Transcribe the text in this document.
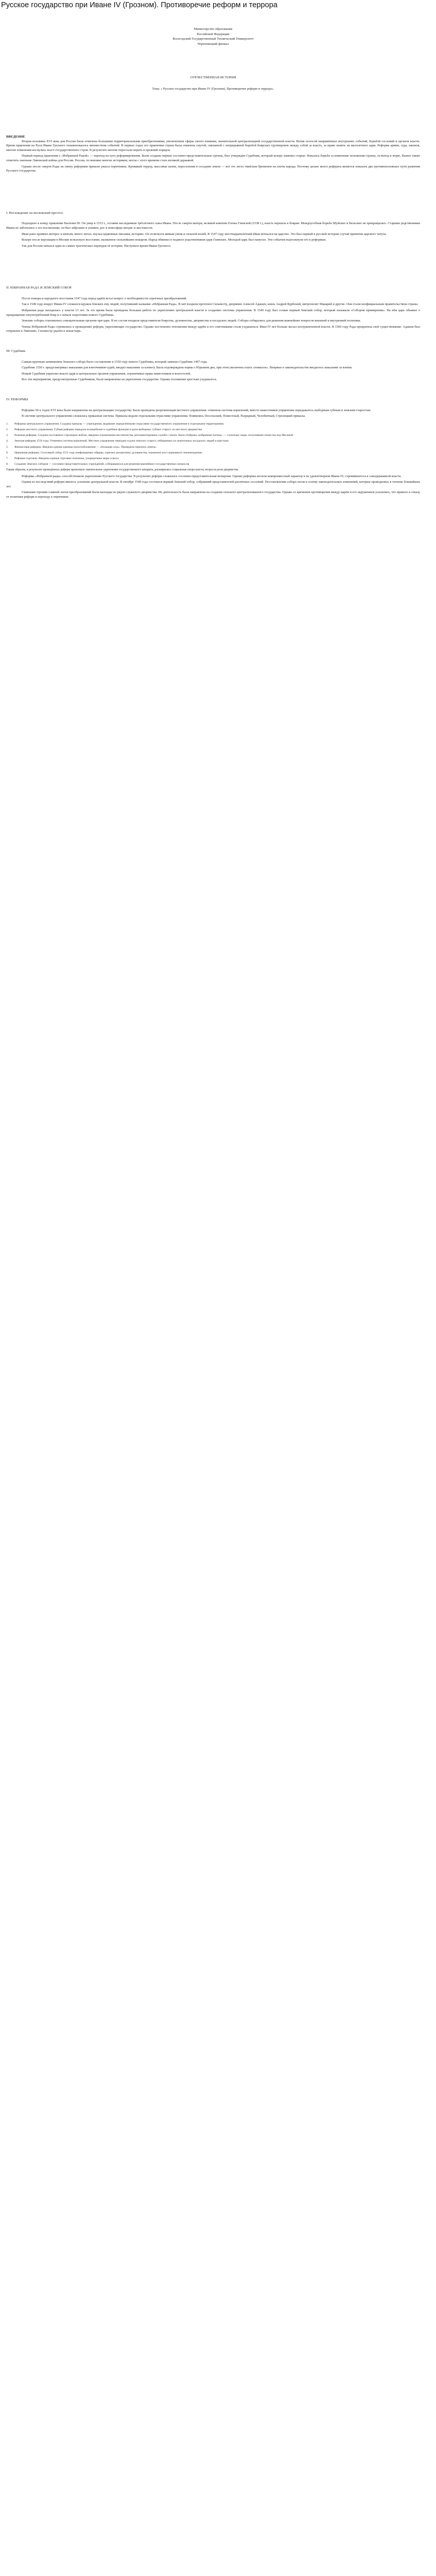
Русское государство при Иване IV (Грозном). Противоречие реформ и террора

Министерство образования

Российской Федерации

Вологодский Государственный Технический Университет

Череповецкий филиал

ОТЕЧЕСТВЕННАЯ ИСТОРИЯ

Тема: « Русское государство при Иване IV (Грозном). Противоречие реформ и террора».

ВВЕДЕНИЕ

Вторая половина XVI века для России была отмечена большими территориальными приобретениями, увеличением сферы своего влияния, значительной централизацией государственной власти. Велик полосой напряжённых внутренних событий, борьбой сословий и органов власти. Время правления на Руси Ивана Грозного ознаменовалось множеством событий. В первых годах его правления страна была охвачена смутой, связанной с непрерывной борьбой боярских группировок между собой за власть, за право влиять на малолетнего царя. Реформа армии, суда, законов, многие изменения коснулись всего государственного строя. В результате многие перестали верить в прежний порядок.

Первый период правления с «Избранной Радой» — переход на путь реформирования. Были созданы первые сословно-представительные органы, был утверждён Судебник, который вскоре заменил старые. Началась борьба за изменение положения страны, за выход к морю. Важно также отметить значение Ливонской войны для России. Россия, по мнению многих историков, могла с этого времени стать великой державой.

Однако после смерти Рады на смену реформам пришли ужасы опричнины. Кровавый террор, массовые казни, переселения в соседние земли — всё это легло тяжёлым бременем на плечи народа. Поэтому целью моего реферата является показать два противоположных пути развития Русского государства.

I. Восхождение на московский престол.

Подходило к концу правление Василия III. Он умер в 1533 г., оставив наследником трёхлетнего сына Ивана. После смерти матери, великой княгини Елены Глинской (1538 г.), власть перешла к боярам. Междоусобная борьба Шуйских и Бельских не прекращалась. Старшие родственники Ивана не заботились о его воспитании, он был заброшен и унижен, рос в атмосфере интриг и жестокости.

Иван рано проявил интерес к книгам, много читал, изучал церковные писания, историю. Он отличался живым умом и сильной волей. В 1547 году шестнадцатилетний Иван венчался на царство. Это был первый в русской истории случай принятия царского титула.

Вскоре после коронации в Москве вспыхнуло восстание, вызванное сильнейшим пожаром. Народ обвинил в поджоге родственников царя Глинских. Молодой царь был напуган. Эти события подтолкнули его к реформам.

Так для России начался один из самых трагических периодов её истории. Наступило время Ивана Грозного.

II. ИЗБРАННАЯ РАДА И ЗЕМСКИЙ СОБОР.

После пожара и народного восстания 1547 года перед царём встал вопрос о необходимости серьёзных преобразований.

Так в 1549 году вокруг Ивана IV сложился кружок близких ему людей, получивший название «Избранная Рада». В неё входили протопоп Сильвестр, дворянин Алексей Адашев, князь Андрей Курбский, митрополит Макарий и другие. Они стали неофициальным правительством страны.

Избранная рада находилась у власти 13 лет. За это время была проведена большая работа по укреплению центральной власти и созданию системы управления. В 1549 году был созван первый Земский собор, который называли «Собором примирения». На нём царь объявил о прекращении злоупотреблений бояр и о начале подготовки нового Судебника.

Земские соборы становились совещательным органом при царе. В их состав входили представители боярства, духовенства, дворянства и посадских людей. Соборы собирались для решения важнейших вопросов внешней и внутренней политики.

Члены Избранной Рады стремились к проведению реформ, укрепляющих государство. Однако постепенно отношения между царём и его советниками стали ухудшаться. Иван IV всё больше желал неограниченной власти. В 1560 году Рада прекратила своё существование: Адашев был отправлен в Ливонию, Сильвестр удалён в монастырь.

III. Судебник.

Самым крупным начинанием Земского собора было составление в 1550 году нового Судебника, который заменил Судебник 1497 года.

Судебник 1550 г. предусматривал наказания для взяточников-судей, вводил наказание за клевету. Была подтверждена норма о Юрьевом дне, при этом увеличена плата «пожилое». Впервые в законодательстве вводилось наказание за взятки.

Новый Судебник укреплял власть царя и центральных органов управления, ограничивал права наместников и волостелей.

Все эти мероприятия, предусмотренные Судебником, были направлены на укрепление государства. Однако положение крестьян ухудшалось.

IV. РЕФОРМЫ

Реформы 50-х годов XVI века были направлены на централизацию государства. Была проведена реорганизация местного управления: отменена система кормлений, вместо наместников управление передавалось выборным губным и земским старостам.

В системе центрального управления сложилась приказная система. Приказы ведали отдельными отраслями управления. Появились Посольский, Поместный, Разрядный, Челобитный, Стрелецкий приказы.

1. Реформы центрального управления. Созданы приказы — учреждения, ведавшие определёнными отраслями государственного управления и отдельными территориями.
2. Реформа местного управления. Губная реформа передала полицейские и судебные функции в руки выборных губных старост из местного дворянства.
3. Военная реформа. Создано постоянное стрелецкое войско, введены ограничения местничества, регламентирована служба с земли. Была отобрана «избранная тысяча» — служилые люди, получившие поместья под Москвой.
4. Земская реформа 1556 года. Отменена система кормлений. Местное управление передано в руки земских старост, избираемых из зажиточных посадских людей и крестьян.
5. Финансовая реформа. Введена единая единица налогообложения — «большая соха». Проведена перепись земель.
6. Церковная реформа. Стоглавый собор 1551 года унифицировал обряды, укрепил дисциплину духовенства, ограничил рост церковного землевладения.
7. Реформа торговли. Введены единые торговые пошлины, упорядочены меры и весы.
8. Создание Земских соборов — сословно-представительных учреждений, собиравшихся для решения важнейших государственных вопросов.

Таким образом, в результате проведённых реформ произошло значительное укрепление государственного аппарата, расширилась социальная опора власти, возросла роль дворянства.

Реформы «Избранной рады» способствовали укреплению Русского государства. В результате реформ сложилась сословно-представительная монархия. Однако реформы носили компромиссный характер и не удовлетворяли Ивана IV, стремившегося к самодержавной власти.

Одним из последствий реформ явилось усиление центральной власти. В октябре 1549 года состоялся первый Земский собор, собравший представителей различных сословий. Постановления собора легли в основу законодательных изменений, которые проводились в течение ближайших лет.

Главными героями славной эпохи преобразований были выходцы из рядов служилого дворянства. Их деятельность была направлена на создание сильного централизованного государства. Однако со временем противоречия между царём и его окружением усилились, что привело к отказу от политики реформ и переходу к опричнине.
